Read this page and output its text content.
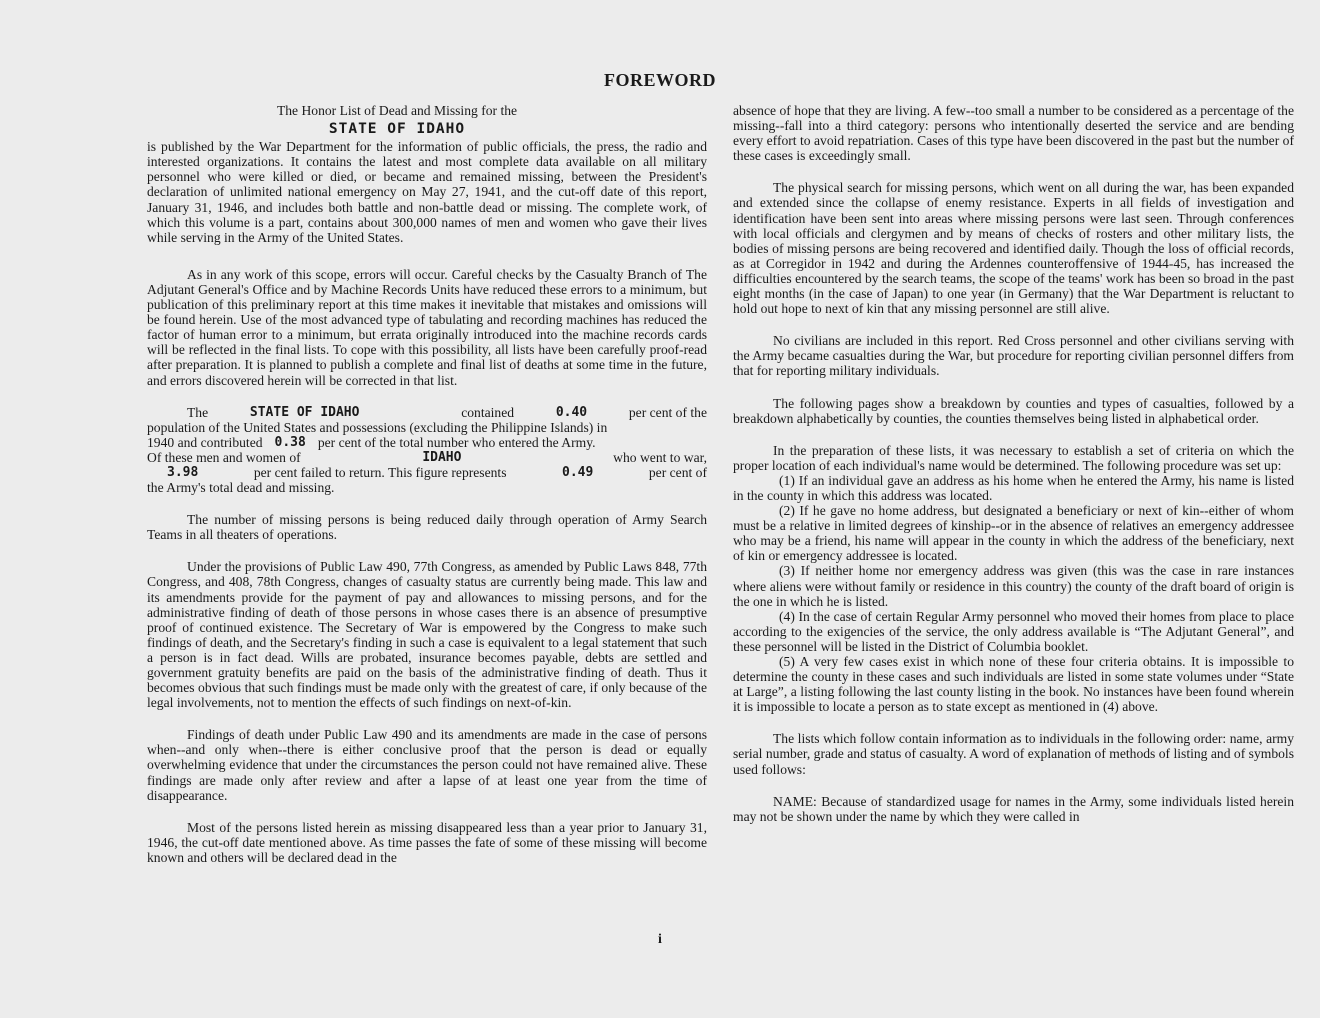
FOREWORD

The Honor List of Dead and Missing for the

STATE OF IDAHO

is published by the War Department for the information of public officials, the press, the radio and interested organizations. It contains the latest and most complete data available on all military personnel who were killed or died, or became and remained missing, between the President's declaration of unlimited national emergency on May 27, 1941, and the cut-off date of this report, January 31, 1946, and includes both battle and non-battle dead or missing. The complete work, of which this volume is a part, contains about 300,000 names of men and women who gave their lives while serving in the Army of the United States.

As in any work of this scope, errors will occur. Careful checks by the Casualty Branch of The Adjutant General's Office and by Machine Records Units have reduced these errors to a minimum, but publication of this preliminary report at this time makes it inevitable that mistakes and omissions will be found herein. Use of the most advanced type of tabulating and recording machines has reduced the factor of human error to a minimum, but errata originally introduced into the machine records cards will be reflected in the final lists. To cope with this possibility, all lists have been carefully proof-read after preparation. It is planned to publish a complete and final list of deaths at some time in the future, and errors discovered herein will be corrected in that list.

The	STATE OF IDAHO	contained	0.40	per cent of the

population of the United States and possessions (excluding the Philippine Islands) in

1940 and contributed 0.38 per cent of the total number who entered the Army.
Of these men and women of	IDAHO	who went to war,
3.98	per cent failed to return. This figure represents	0.49	per cent of

the Army's total dead and missing.

The number of missing persons is being reduced daily through operation of Army Search Teams in all theaters of operations.

Under the provisions of Public Law 490, 77th Congress, as amended by Public Laws 848, 77th Congress, and 408, 78th Congress, changes of casualty status are currently being made. This law and its amendments provide for the payment of pay and allowances to missing persons, and for the administrative finding of death of those persons in whose cases there is an absence of presumptive proof of continued existence. The Secretary of War is empowered by the Congress to make such findings of death, and the Secretary's finding in such a case is equivalent to a legal statement that such a person is in fact dead. Wills are probated, insurance becomes payable, debts are settled and government gratuity benefits are paid on the basis of the administrative finding of death. Thus it becomes obvious that such findings must be made only with the greatest of care, if only because of the legal involvements, not to mention the effects of such findings on next-of-kin.

Findings of death under Public Law 490 and its amendments are made in the case of persons when--and only when--there is either conclusive proof that the person is dead or equally overwhelming evidence that under the circumstances the person could not have remained alive. These findings are made only after review and after a lapse of at least one year from the time of disappearance.

Most of the persons listed herein as missing disappeared less than a year prior to January 31, 1946, the cut-off date mentioned above. As time passes the fate of some of these missing will become known and others will be declared dead in the

absence of hope that they are living. A few--too small a number to be considered as a percentage of the missing--fall into a third category: persons who intentionally deserted the service and are bending every effort to avoid repatriation. Cases of this type have been discovered in the past but the number of these cases is exceedingly small.

The physical search for missing persons, which went on all during the war, has been expanded and extended since the collapse of enemy resistance. Experts in all fields of investigation and identification have been sent into areas where missing persons were last seen. Through conferences with local officials and clergymen and by means of checks of rosters and other military lists, the bodies of missing persons are being recovered and identified daily. Though the loss of official records, as at Corregidor in 1942 and during the Ardennes counteroffensive of 1944-45, has increased the difficulties encountered by the search teams, the scope of the teams' work has been so broad in the past eight months (in the case of Japan) to one year (in Germany) that the War Department is reluctant to hold out hope to next of kin that any missing personnel are still alive.

No civilians are included in this report. Red Cross personnel and other civilians serving with the Army became casualties during the War, but procedure for reporting civilian personnel differs from that for reporting military individuals.

The following pages show a breakdown by counties and types of casualties, followed by a breakdown alphabetically by counties, the counties themselves being listed in alphabetical order.

In the preparation of these lists, it was necessary to establish a set of criteria on which the proper location of each individual's name would be determined. The following procedure was set up:

(1) If an individual gave an address as his home when he entered the Army, his name is listed in the county in which this address was located.

(2) If he gave no home address, but designated a beneficiary or next of kin--either of whom must be a relative in limited degrees of kinship--or in the absence of relatives an emergency addressee who may be a friend, his name will appear in the county in which the address of the beneficiary, next of kin or emergency addressee is located.

(3) If neither home nor emergency address was given (this was the case in rare instances where aliens were without family or residence in this country) the county of the draft board of origin is the one in which he is listed.

(4) In the case of certain Regular Army personnel who moved their homes from place to place according to the exigencies of the service, the only address available is “The Adjutant General”, and these personnel will be listed in the District of Columbia booklet.

(5) A very few cases exist in which none of these four criteria obtains. It is impossible to determine the county in these cases and such individuals are listed in some state volumes under “State at Large”, a listing following the last county listing in the book. No instances have been found wherein it is impossible to locate a person as to state except as mentioned in (4) above.

The lists which follow contain information as to individuals in the following order: name, army serial number, grade and status of casualty. A word of explanation of methods of listing and of symbols used follows:

NAME: Because of standardized usage for names in the Army, some individuals listed herein may not be shown under the name by which they were called in

i
